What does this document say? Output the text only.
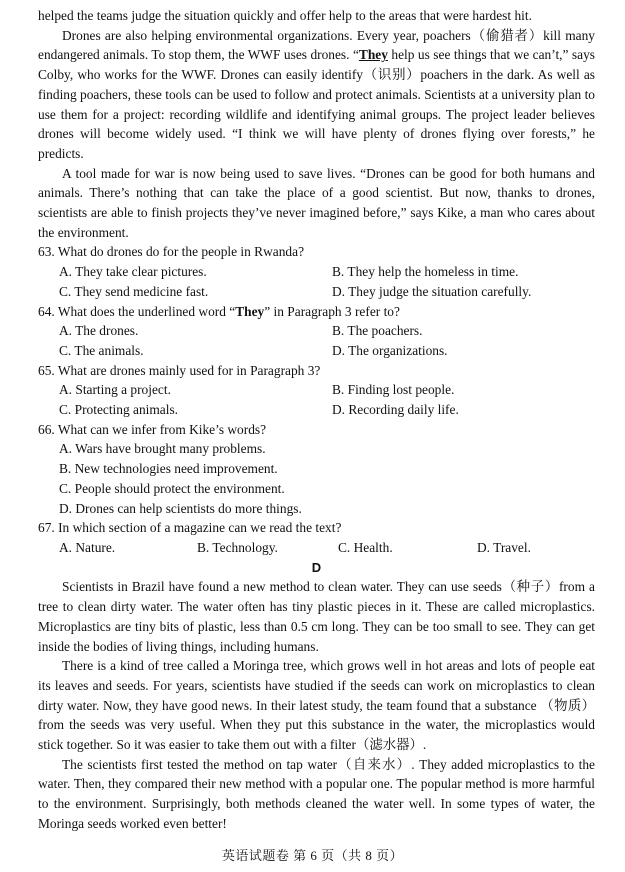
helped the teams judge the situation quickly and offer help to the areas that were hardest hit.

Drones are also helping environmental organizations. Every year, poachers（偷猎者）kill many endangered animals. To stop them, the WWF uses drones. “They help us see things that we can’t,” says Colby, who works for the WWF. Drones can easily identify（识别）poachers in the dark. As well as finding poachers, these tools can be used to follow and protect animals. Scientists at a university plan to use them for a project: recording wildlife and identifying animal groups. The project leader believes drones will become widely used. “I think we will have plenty of drones flying over forests,” he predicts.

A tool made for war is now being used to save lives. “Drones can be good for both humans and animals. There’s nothing that can take the place of a good scientist. But now, thanks to drones, scientists are able to finish projects they’ve never imagined before,” says Kike, a man who cares about the environment.

63. What do drones do for the people in Rwanda?

A. They take clear pictures.	B. They help the homeless in time.
C. They send medicine fast.	D. They judge the situation carefully.

64. What does the underlined word “They” in Paragraph 3 refer to?

A. The drones.	B. The poachers.
C. The animals.	D. The organizations.

65. What are drones mainly used for in Paragraph 3?

A. Starting a project.	B. Finding lost people.
C. Protecting animals.	D. Recording daily life.

66. What can we infer from Kike’s words?

A. Wars have brought many problems.
B. New technologies need improvement.
C. People should protect the environment.
D. Drones can help scientists do more things.

67. In which section of a magazine can we read the text?

A. Nature.	B. Technology.	C. Health.	D. Travel.

D

Scientists in Brazil have found a new method to clean water. They can use seeds（种子）from a tree to clean dirty water. The water often has tiny plastic pieces in it. These are called microplastics. Microplastics are tiny bits of plastic, less than 0.5 cm long. They can be too small to see. They can get inside the bodies of living things, including humans.

There is a kind of tree called a Moringa tree, which grows well in hot areas and lots of people eat its leaves and seeds. For years, scientists have studied if the seeds can work on microplastics to clean dirty water. Now, they have good news. In their latest study, the team found that a substance （物质） from the seeds was very useful. When they put this substance in the water, the microplastics would stick together. So it was easier to take them out with a filter（滤水器）.

The scientists first tested the method on tap water（自来水）. They added microplastics to the water. Then, they compared their new method with a popular one. The popular method is more harmful to the environment. Surprisingly, both methods cleaned the water well. In some types of water, the Moringa seeds worked even better!

英语试题卷 第 6 页（共 8 页）
